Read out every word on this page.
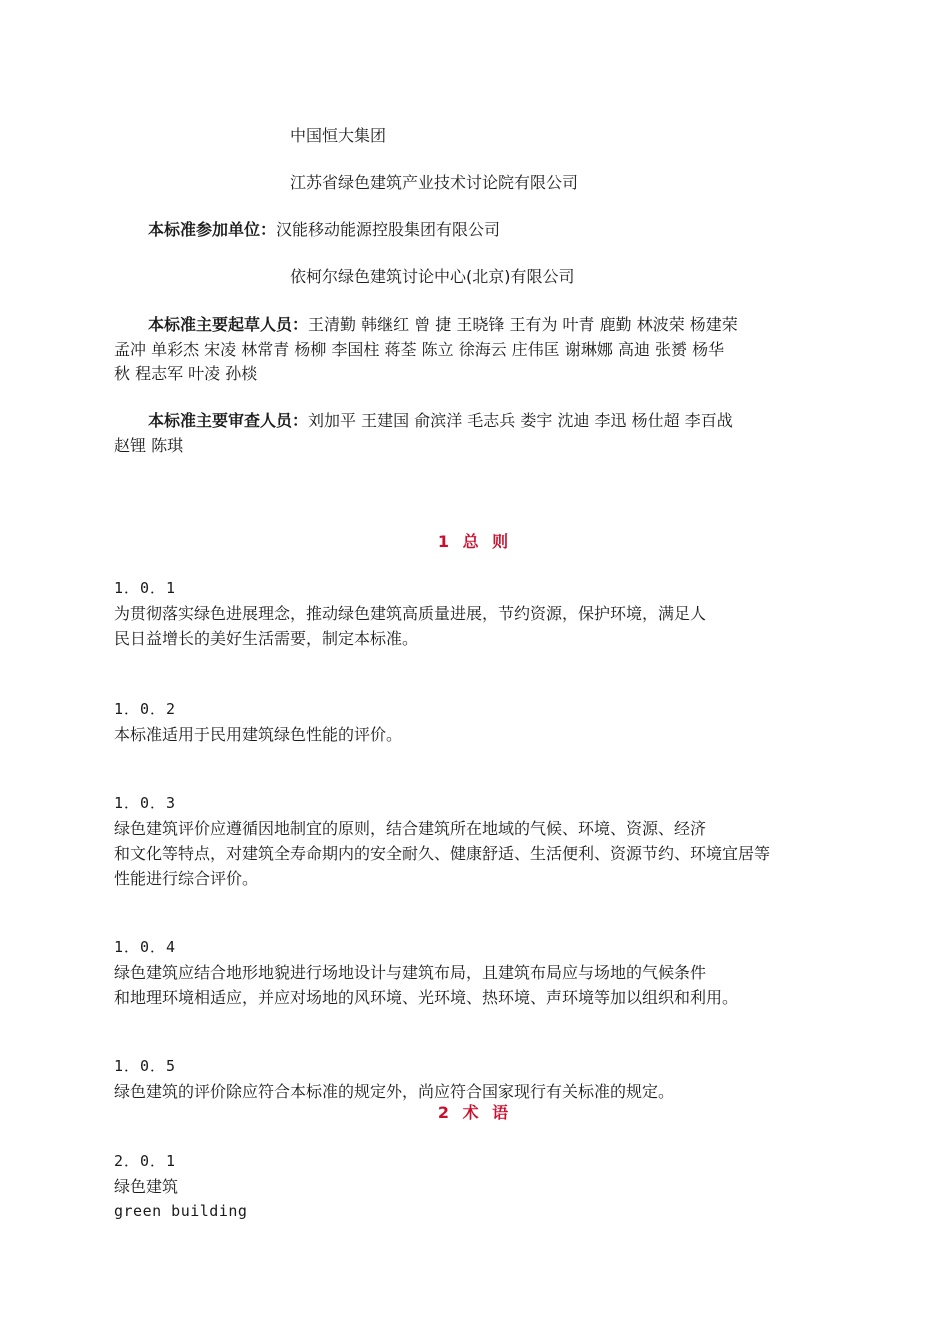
中国恒大集团
江苏省绿色建筑产业技术讨论院有限公司
本标准参加单位：汉能移动能源控股集团有限公司
依柯尔绿色建筑讨论中心(北京)有限公司
本标准主要起草人员：王清勤 韩继红 曾 捷 王晓锋 王有为 叶青 鹿勤 林波荣 杨建荣
孟冲 单彩杰 宋凌 林常青 杨柳 李国柱 蒋荃 陈立 徐海云 庄伟匡 谢琳娜 高迪 张赟 杨华
秋 程志军 叶凌 孙棪
本标准主要审查人员：刘加平 王建国 俞滨洋 毛志兵 娄宇 沈迪 李迅 杨仕超 李百战
赵锂 陈琪
1 总 则
1．0．1
为贯彻落实绿色进展理念，推动绿色建筑高质量进展，节约资源，保护环境，满足人
民日益增长的美好生活需要，制定本标准。
1．0．2
本标准适用于民用建筑绿色性能的评价。
1．0．3
绿色建筑评价应遵循因地制宜的原则，结合建筑所在地域的气候、环境、资源、经济
和文化等特点，对建筑全寿命期内的安全耐久、健康舒适、生活便利、资源节约、环境宜居等
性能进行综合评价。
1．0．4
绿色建筑应结合地形地貌进行场地设计与建筑布局，且建筑布局应与场地的气候条件
和地理环境相适应，并应对场地的风环境、光环境、热环境、声环境等加以组织和利用。
1．0．5
绿色建筑的评价除应符合本标准的规定外，尚应符合国家现行有关标准的规定。
2 术 语
2．0．1
绿色建筑
green building
